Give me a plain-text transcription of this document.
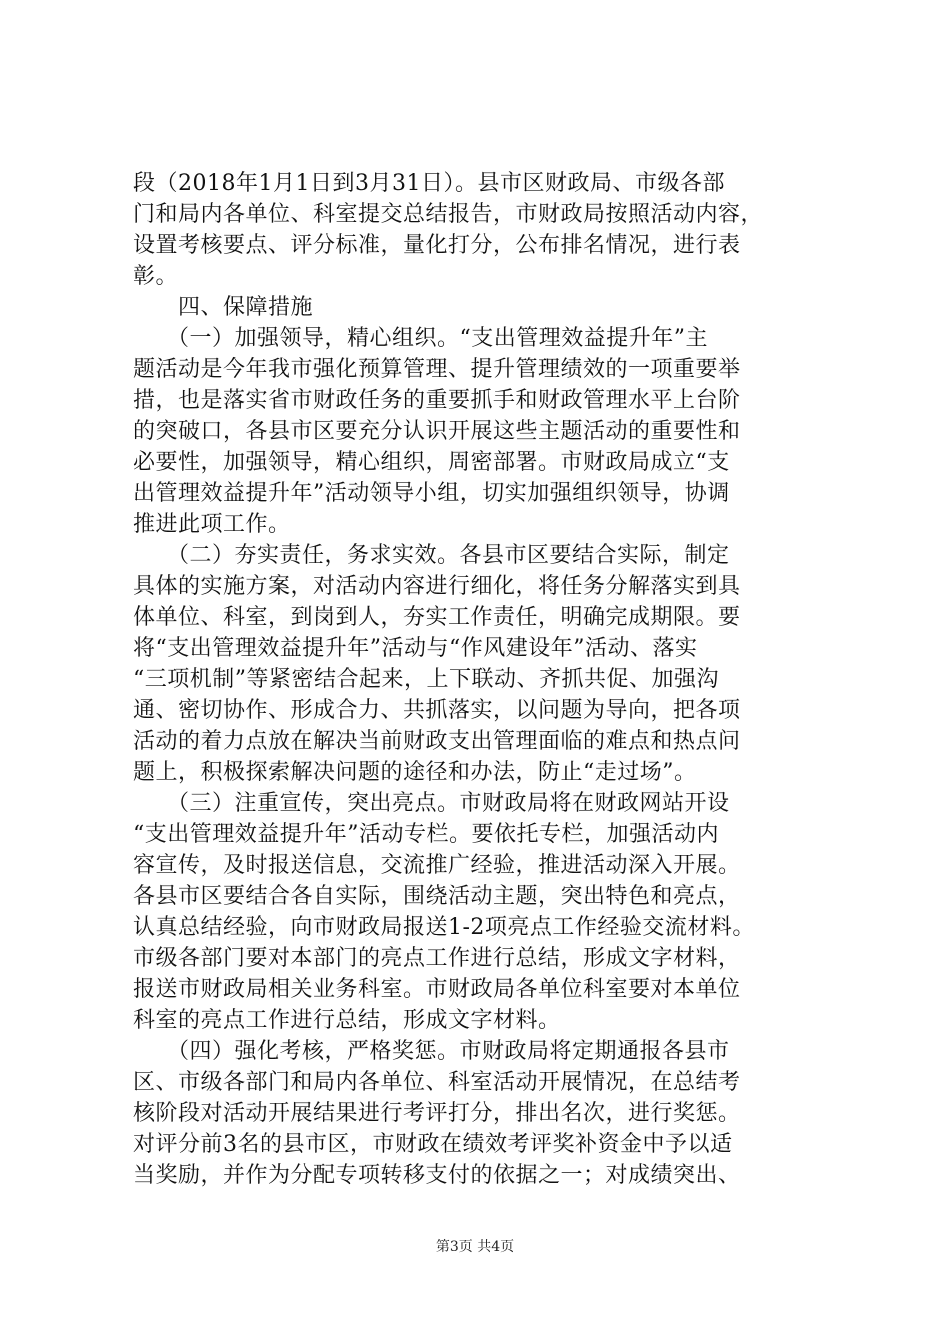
段（2018年1月1日到3月31日）。县市区财政局、市级各部
门和局内各单位、科室提交总结报告，市财政局按照活动内容，
设置考核要点、评分标准，量化打分，公布排名情况，进行表
彰。
　　四、保障措施
　　（一）加强领导，精心组织。“支出管理效益提升年”主
题活动是今年我市强化预算管理、提升管理绩效的一项重要举
措，也是落实省市财政任务的重要抓手和财政管理水平上台阶
的突破口，各县市区要充分认识开展这些主题活动的重要性和
必要性，加强领导，精心组织，周密部署。市财政局成立“支
出管理效益提升年”活动领导小组，切实加强组织领导，协调
推进此项工作。
　　（二）夯实责任，务求实效。各县市区要结合实际，制定
具体的实施方案，对活动内容进行细化，将任务分解落实到具
体单位、科室，到岗到人，夯实工作责任，明确完成期限。要
将“支出管理效益提升年”活动与“作风建设年”活动、落实
“三项机制”等紧密结合起来，上下联动、齐抓共促、加强沟
通、密切协作、形成合力、共抓落实，以问题为导向，把各项
活动的着力点放在解决当前财政支出管理面临的难点和热点问
题上，积极探索解决问题的途径和办法，防止“走过场”。
　　（三）注重宣传，突出亮点。市财政局将在财政网站开设
“支出管理效益提升年”活动专栏。要依托专栏，加强活动内
容宣传，及时报送信息，交流推广经验，推进活动深入开展。
各县市区要结合各自实际，围绕活动主题，突出特色和亮点，
认真总结经验，向市财政局报送1-2项亮点工作经验交流材料。
市级各部门要对本部门的亮点工作进行总结，形成文字材料，
报送市财政局相关业务科室。市财政局各单位科室要对本单位
科室的亮点工作进行总结，形成文字材料。
　　（四）强化考核，严格奖惩。市财政局将定期通报各县市
区、市级各部门和局内各单位、科室活动开展情况，在总结考
核阶段对活动开展结果进行考评打分，排出名次，进行奖惩。
对评分前3名的县市区，市财政在绩效考评奖补资金中予以适
当奖励，并作为分配专项转移支付的依据之一；对成绩突出、
第3页 共4页
